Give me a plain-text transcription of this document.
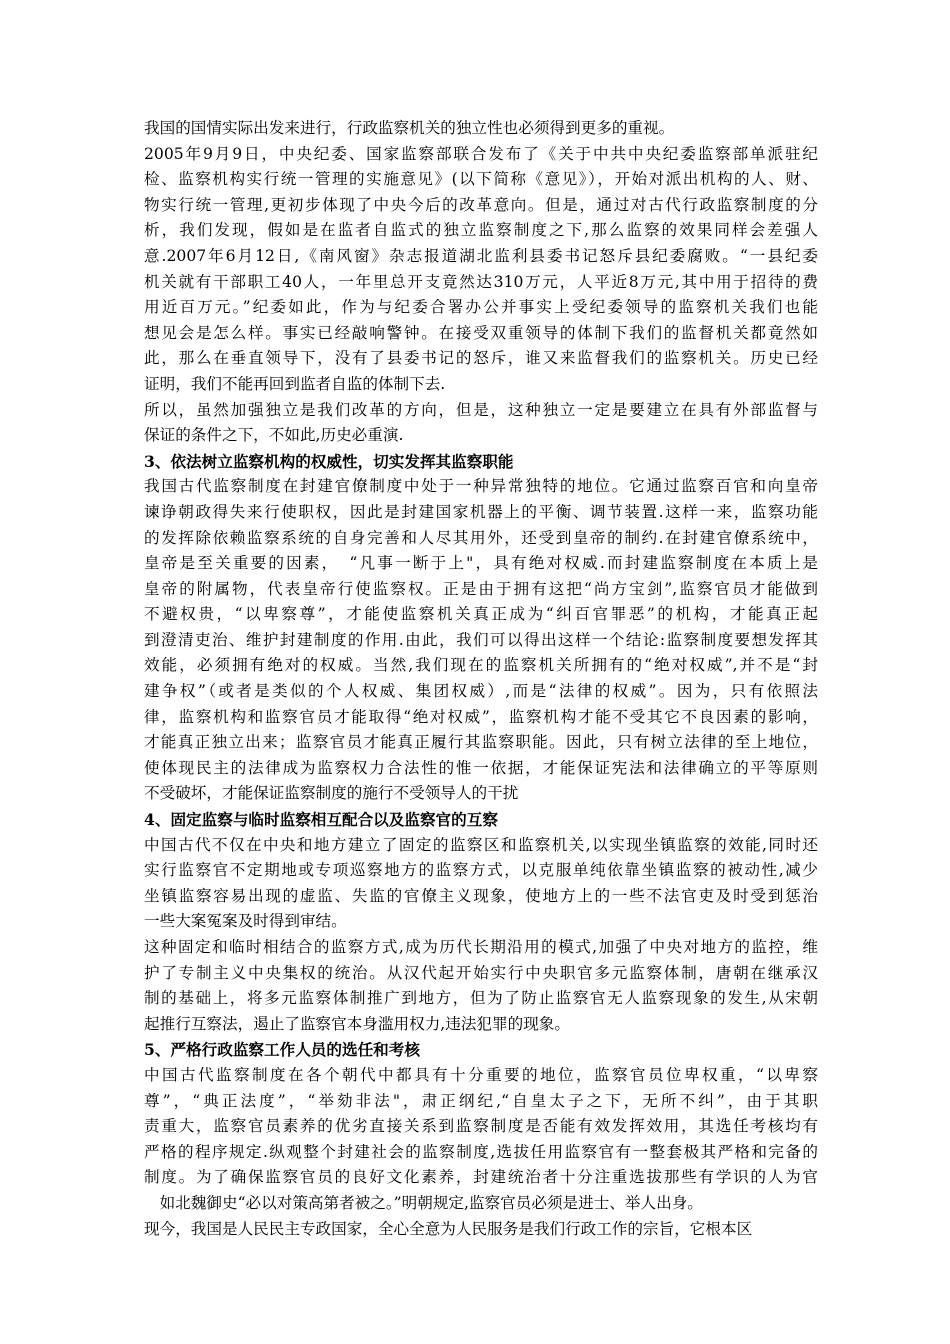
我国的国情实际出发来进行，行政监察机关的独立性也必须得到更多的重视。
2005年9月9日，中央纪委、国家监察部联合发布了《关于中共中央纪委监察部单派驻纪
检、监察机构实行统一管理的实施意见》(以下简称《意见》），开始对派出机构的人、财、
物实行统一管理,更初步体现了中央今后的改革意向。但是，通过对古代行政监察制度的分
析，我们发现，假如是在监者自监式的独立监察制度之下,那么监察的效果同样会差强人
意.2007年6月12日,《南风窗》杂志报道湖北监利县委书记怒斥县纪委腐败。“一县纪委
机关就有干部职工40人，一年里总开支竟然达310万元，人平近8万元,其中用于招待的费
用近百万元。”纪委如此，作为与纪委合署办公并事实上受纪委领导的监察机关我们也能
想见会是怎么样。事实已经敲响警钟。在接受双重领导的体制下我们的监督机关都竟然如
此，那么在垂直领导下，没有了县委书记的怒斥，谁又来监督我们的监察机关。历史已经
证明，我们不能再回到监者自监的体制下去.
所以，虽然加强独立是我们改革的方向，但是，这种独立一定是要建立在具有外部监督与
保证的条件之下，不如此,历史必重演.
3、依法树立监察机构的权威性，切实发挥其监察职能
我国古代监察制度在封建官僚制度中处于一种异常独特的地位。它通过监察百官和向皇帝
谏诤朝政得失来行使职权，因此是封建国家机器上的平衡、调节装置.这样一来，监察功能
的发挥除依赖监察系统的自身完善和人尽其用外，还受到皇帝的制约.在封建官僚系统中，
皇帝是至关重要的因素，　“凡事一断于上"，具有绝对权威.而封建监察制度在本质上是
皇帝的附属物，代表皇帝行使监察权。正是由于拥有这把“尚方宝剑”,监察官员才能做到
不避权贵，“以卑察尊”，才能使监察机关真正成为“纠百官罪恶”的机构，才能真正起
到澄清吏治、维护封建制度的作用.由此，我们可以得出这样一个结论:监察制度要想发挥其
效能，必须拥有绝对的权威。当然,我们现在的监察机关所拥有的“绝对权威”,并不是“封
建争权”（或者是类似的个人权威、集团权威）,而是“法律的权威”。因为，只有依照法
律，监察机构和监察官员才能取得“绝对权威”，监察机构才能不受其它不良因素的影响，
才能真正独立出来；监察官员才能真正履行其监察职能。因此，只有树立法律的至上地位，
使体现民主的法律成为监察权力合法性的惟一依据，才能保证宪法和法律确立的平等原则
不受破坏，才能保证监察制度的施行不受领导人的干扰
4、固定监察与临时监察相互配合以及监察官的互察
中国古代不仅在中央和地方建立了固定的监察区和监察机关,以实现坐镇监察的效能,同时还
实行监察官不定期地或专项巡察地方的监察方式，以克服单纯依靠坐镇监察的被动性,减少
坐镇监察容易出现的虚监、失监的官僚主义现象，使地方上的一些不法官吏及时受到惩治
一些大案冤案及时得到审结。
这种固定和临时相结合的监察方式,成为历代长期沿用的模式,加强了中央对地方的监控，维
护了专制主义中央集权的统治。从汉代起开始实行中央职官多元监察体制，唐朝在继承汉
制的基础上，将多元监察体制推广到地方，但为了防止监察官无人监察现象的发生,从宋朝
起推行互察法，遏止了监察官本身滥用权力,违法犯罪的现象。
5、严格行政监察工作人员的选任和考核
中国古代监察制度在各个朝代中都具有十分重要的地位，监察官员位卑权重，“以卑察
尊”，“典正法度”，“举劾非法"，肃正纲纪,“自皇太子之下，无所不纠”，由于其职
责重大，监察官员素养的优劣直接关系到监察制度是否能有效发挥效用，其选任考核均有
严格的程序规定.纵观整个封建社会的监察制度,选拔任用监察官有一整套极其严格和完备的
制度。为了确保监察官员的良好文化素养，封建统治者十分注重选拔那些有学识的人为官
　如北魏御史“必以对策高第者被之。”明朝规定,监察官员必须是进士、举人出身。
现今，我国是人民民主专政国家，全心全意为人民服务是我们行政工作的宗旨，它根本区
